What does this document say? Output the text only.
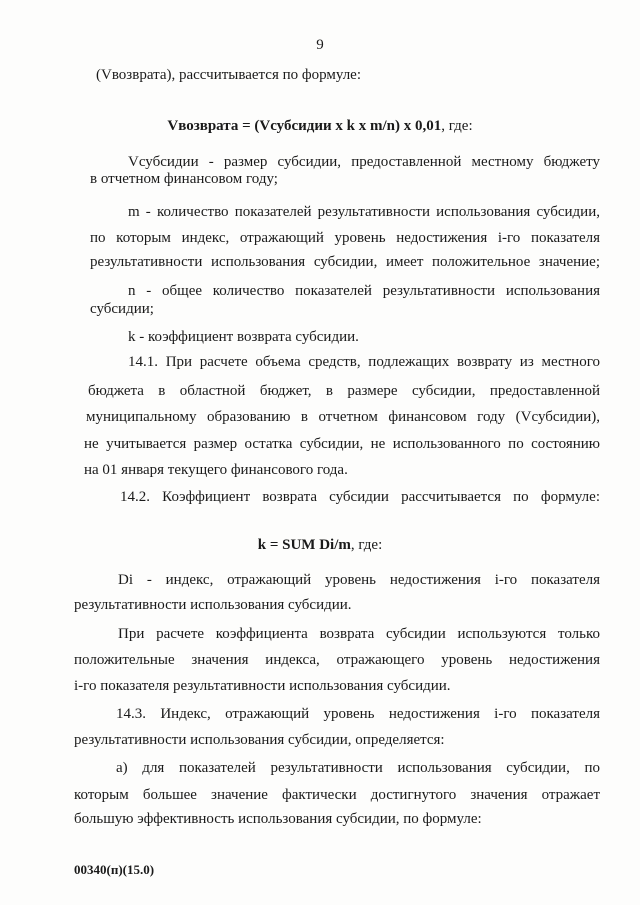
9
(Vвозврата), рассчитывается по формуле:
Vвозврата = (Vсубсидии x k x m/n) x 0,01, где:
Vсубсидии - размер субсидии, предоставленной местному бюджету
в отчетном финансовом году;
m - количество показателей результативности использования субсидии,
по которым индекс, отражающий уровень недостижения i-го показателя
результативности использования субсидии, имеет положительное значение;
n - общее количество показателей результативности использования
субсидии;
k - коэффициент возврата субсидии.
14.1. При расчете объема средств, подлежащих возврату из местного
бюджета в областной бюджет, в размере субсидии, предоставленной
муниципальному образованию в отчетном финансовом году (Vсубсидии),
не учитывается размер остатка субсидии, не использованного по состоянию
на 01 января текущего финансового года.
14.2. Коэффициент возврата субсидии рассчитывается по формуле:
k = SUM Di/m, где:
Di - индекс, отражающий уровень недостижения i-го показателя
результативности использования субсидии.
При расчете коэффициента возврата субсидии используются только
положительные значения индекса, отражающего уровень недостижения
i-го показателя результативности использования субсидии.
14.3. Индекс, отражающий уровень недостижения i-го показателя
результативности использования субсидии, определяется:
а) для показателей результативности использования субсидии, по
которым большее значение фактически достигнутого значения отражает
большую эффективность использования субсидии, по формуле:
00340(п)(15.0)
